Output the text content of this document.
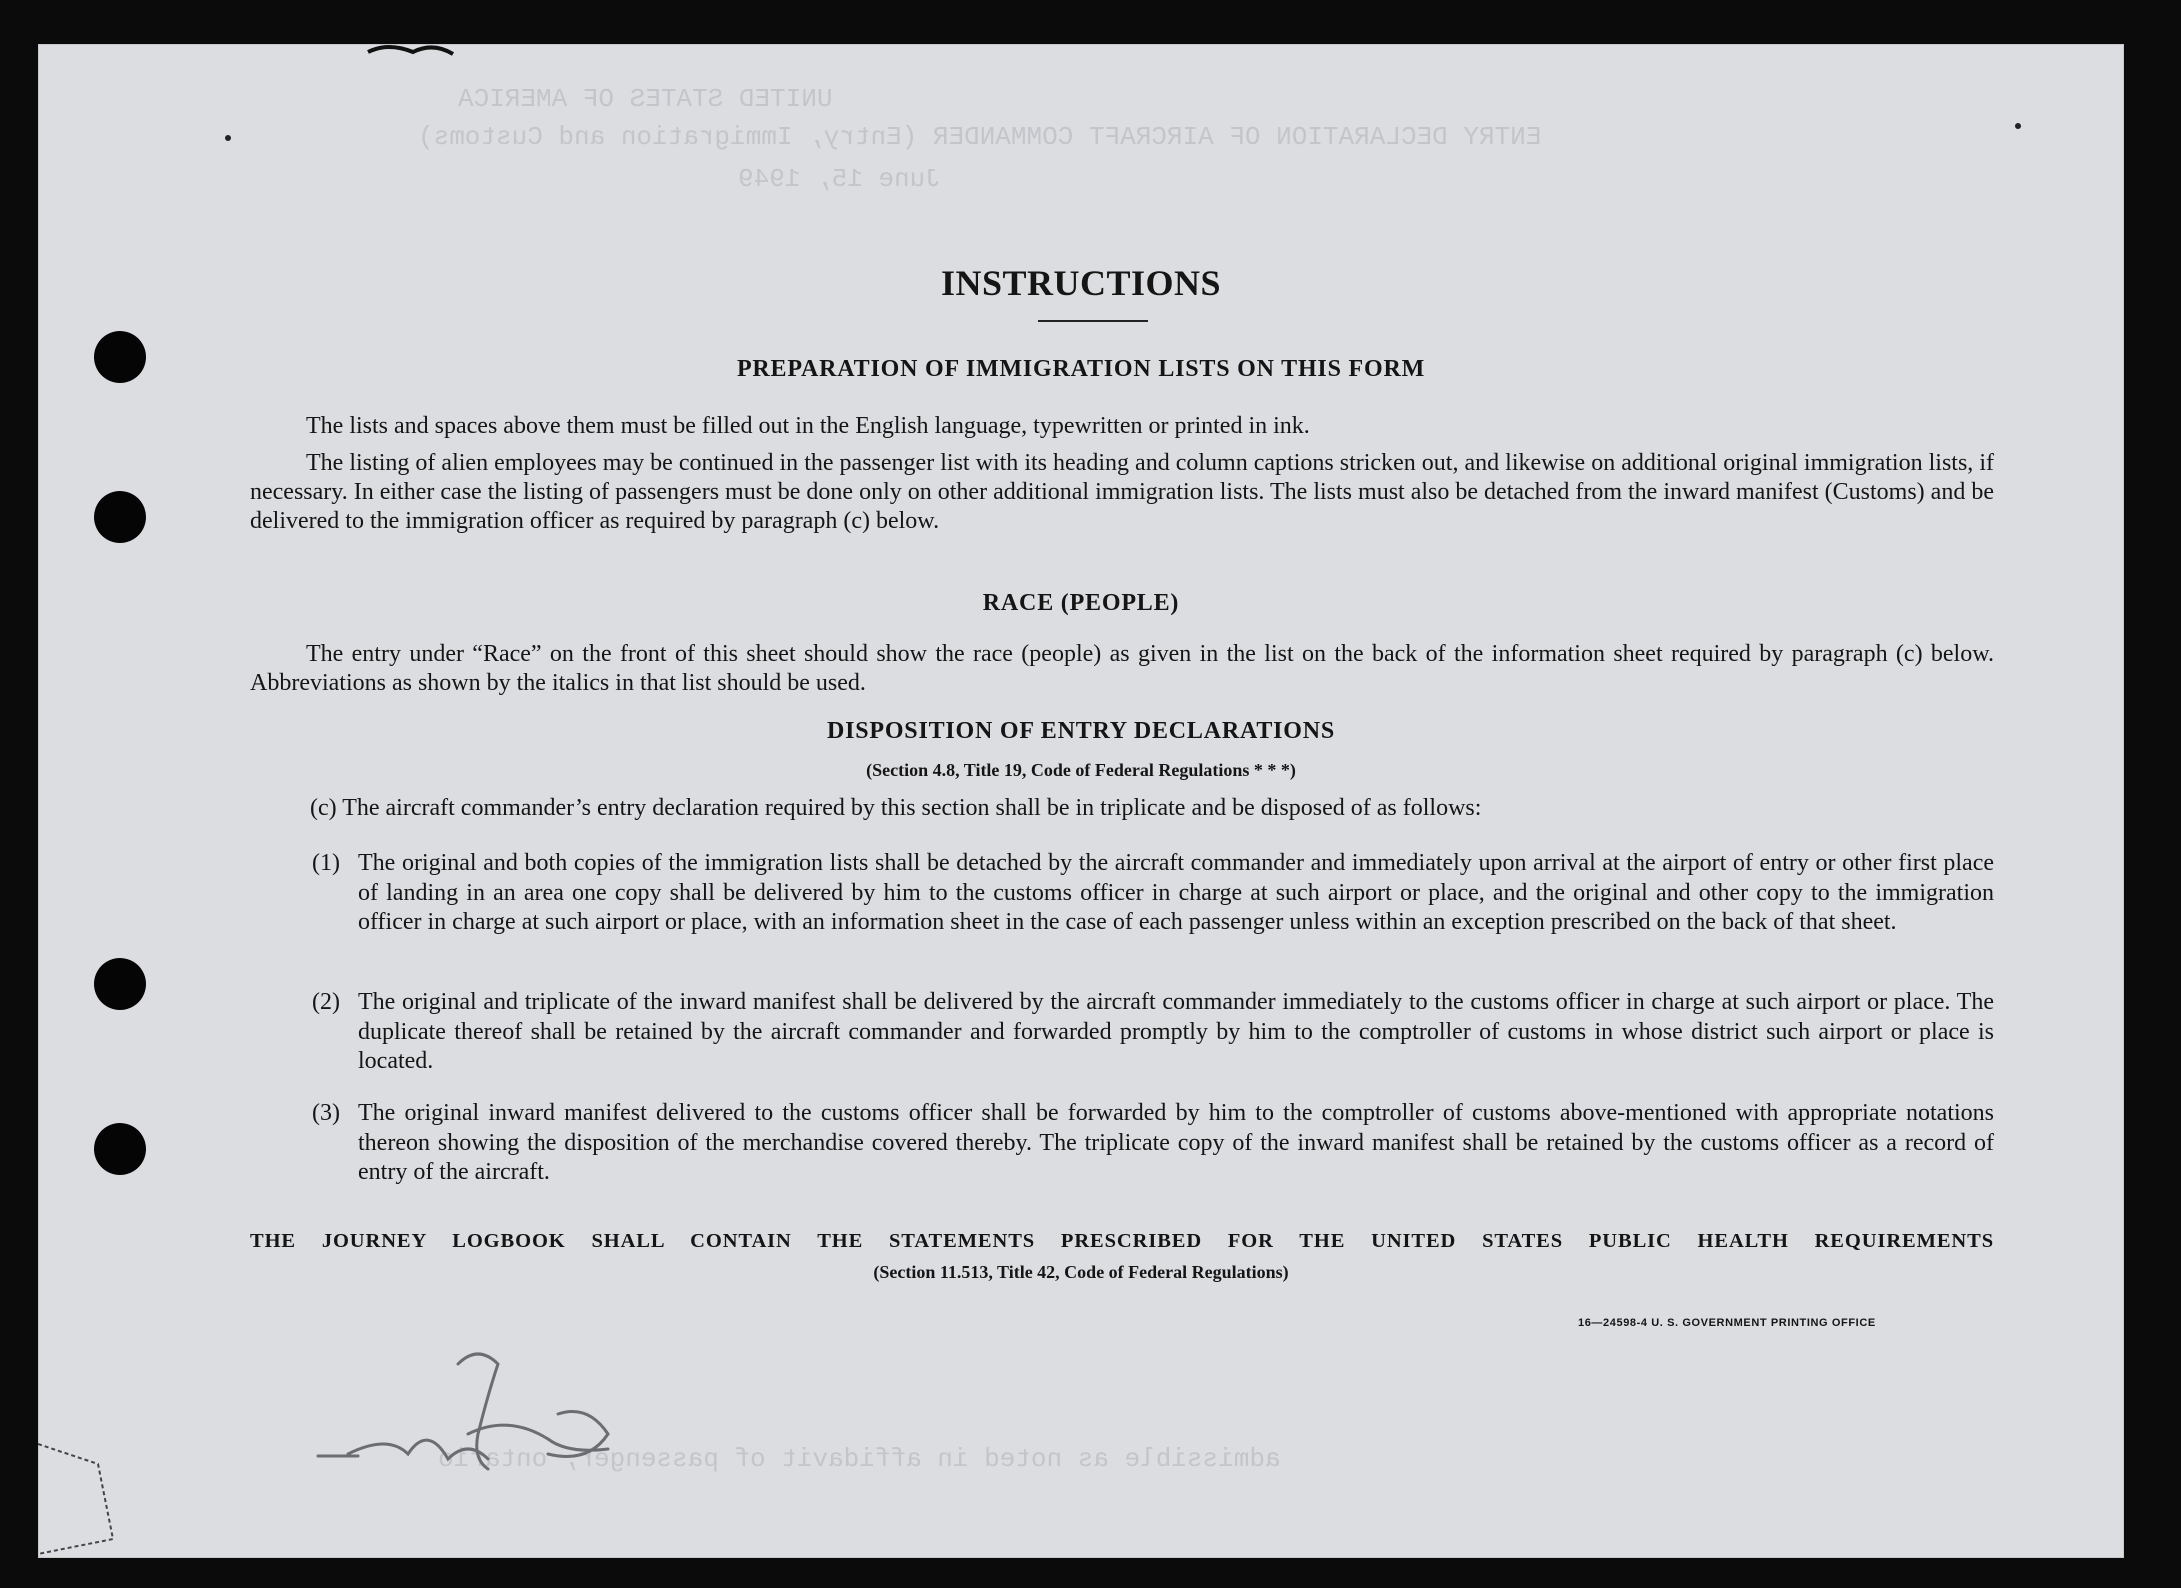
UNITED STATES OF AMERICA
ENTRY DECLARATION OF AIRCRAFT COMMANDER (Entry, Immigration and Customs)
June 15, 1949
admissible as noted in affidavit of passenger, ontario
INSTRUCTIONS
PREPARATION OF IMMIGRATION LISTS ON THIS FORM
The lists and spaces above them must be filled out in the English language, typewritten or printed in ink.
The listing of alien employees may be continued in the passenger list with its heading and column captions stricken out, and likewise on additional original immigration lists, if necessary. In either case the listing of passengers must be done only on other additional immigration lists. The lists must also be detached from the inward manifest (Customs) and be delivered to the immigration officer as required by paragraph (c) below.
RACE (PEOPLE)
The entry under “Race” on the front of this sheet should show the race (people) as given in the list on the back of the information sheet required by paragraph (c) below. Abbreviations as shown by the italics in that list should be used.
DISPOSITION OF ENTRY DECLARATIONS
(Section 4.8, Title 19, Code of Federal Regulations * * *)
(c) The aircraft commander’s entry declaration required by this section shall be in triplicate and be disposed of as follows:
(1) The original and both copies of the immigration lists shall be detached by the aircraft commander and immediately upon arrival at the airport of entry or other first place of landing in an area one copy shall be delivered by him to the customs officer in charge at such airport or place, and the original and other copy to the immigration officer in charge at such airport or place, with an information sheet in the case of each passenger unless within an exception prescribed on the back of that sheet.
(2) The original and triplicate of the inward manifest shall be delivered by the aircraft commander immediately to the customs officer in charge at such airport or place. The duplicate thereof shall be retained by the aircraft commander and forwarded promptly by him to the comptroller of customs in whose district such airport or place is located.
(3) The original inward manifest delivered to the customs officer shall be forwarded by him to the comptroller of customs above-mentioned with appropriate notations thereon showing the disposition of the merchandise covered thereby. The triplicate copy of the inward manifest shall be retained by the customs officer as a record of entry of the aircraft.
THE JOURNEY LOGBOOK SHALL CONTAIN THE STATEMENTS PRESCRIBED FOR THE UNITED STATES PUBLIC HEALTH REQUIREMENTS
(Section 11.513, Title 42, Code of Federal Regulations)
16—24598-4 U. S. GOVERNMENT PRINTING OFFICE
